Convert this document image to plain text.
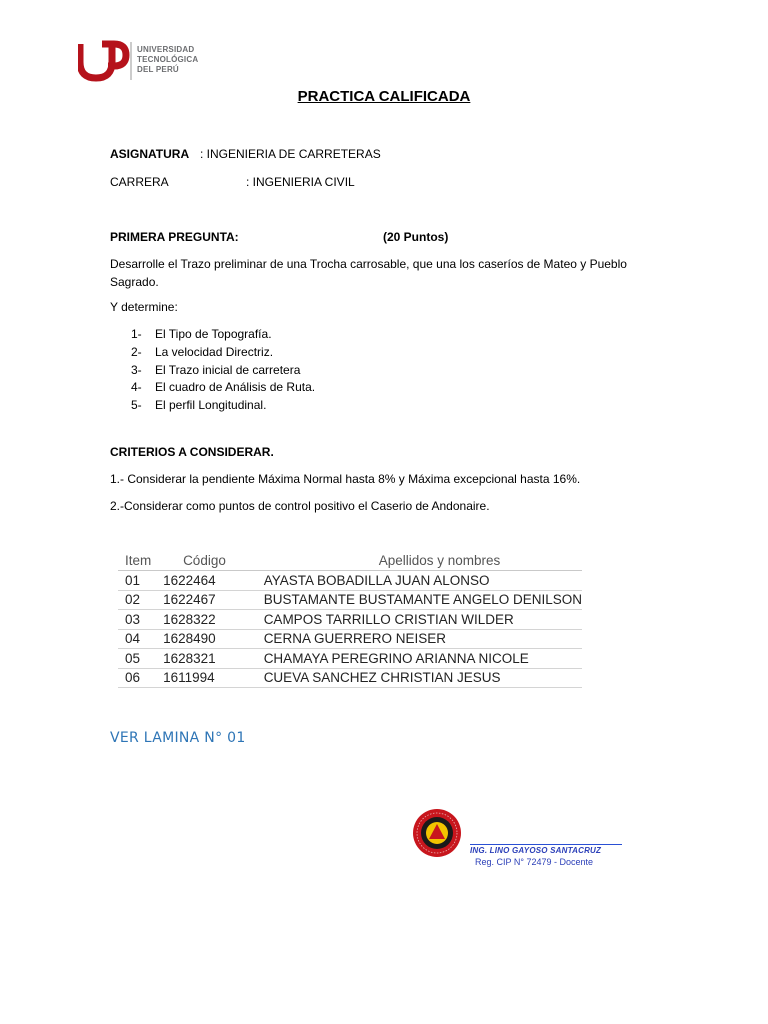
UNIVERSIDAD
TECNOLÓGICA
DEL PERÚ
PRACTICA CALIFICADA
ASIGNATURA : INGENIERIA DE CARRETERAS
CARRERA	: INGENIERIA CIVIL
PRIMERA PREGUNTA:	(20 Puntos)
Desarrolle el Trazo preliminar de una Trocha carrosable, que una los caseríos de Mateo y Pueblo Sagrado.
Y determine:
1-	El Tipo de Topografía.
2-	La velocidad Directriz.
3-	El Trazo inicial de carretera
4-	El cuadro de Análisis de Ruta.
5-	El perfil Longitudinal.
CRITERIOS A CONSIDERAR.
1.- Considerar la pendiente Máxima Normal hasta 8% y Máxima excepcional hasta 16%.
2.-Considerar como puntos de control positivo el Caserio de Andonaire.
Item	Código	Apellidos y nombres
01	1622464	AYASTA BOBADILLA JUAN ALONSO
02	1622467	BUSTAMANTE BUSTAMANTE ANGELO DENILSON
03	1628322	CAMPOS TARRILLO CRISTIAN WILDER
04	1628490	CERNA GUERRERO NEISER
05	1628321	CHAMAYA PEREGRINO ARIANNA NICOLE
06	1611994	CUEVA SANCHEZ CHRISTIAN JESUS
VER LAMINA N° 01
ING. LINO GAYOSO SANTACRUZ
Reg. CIP N° 72479 - Docente
